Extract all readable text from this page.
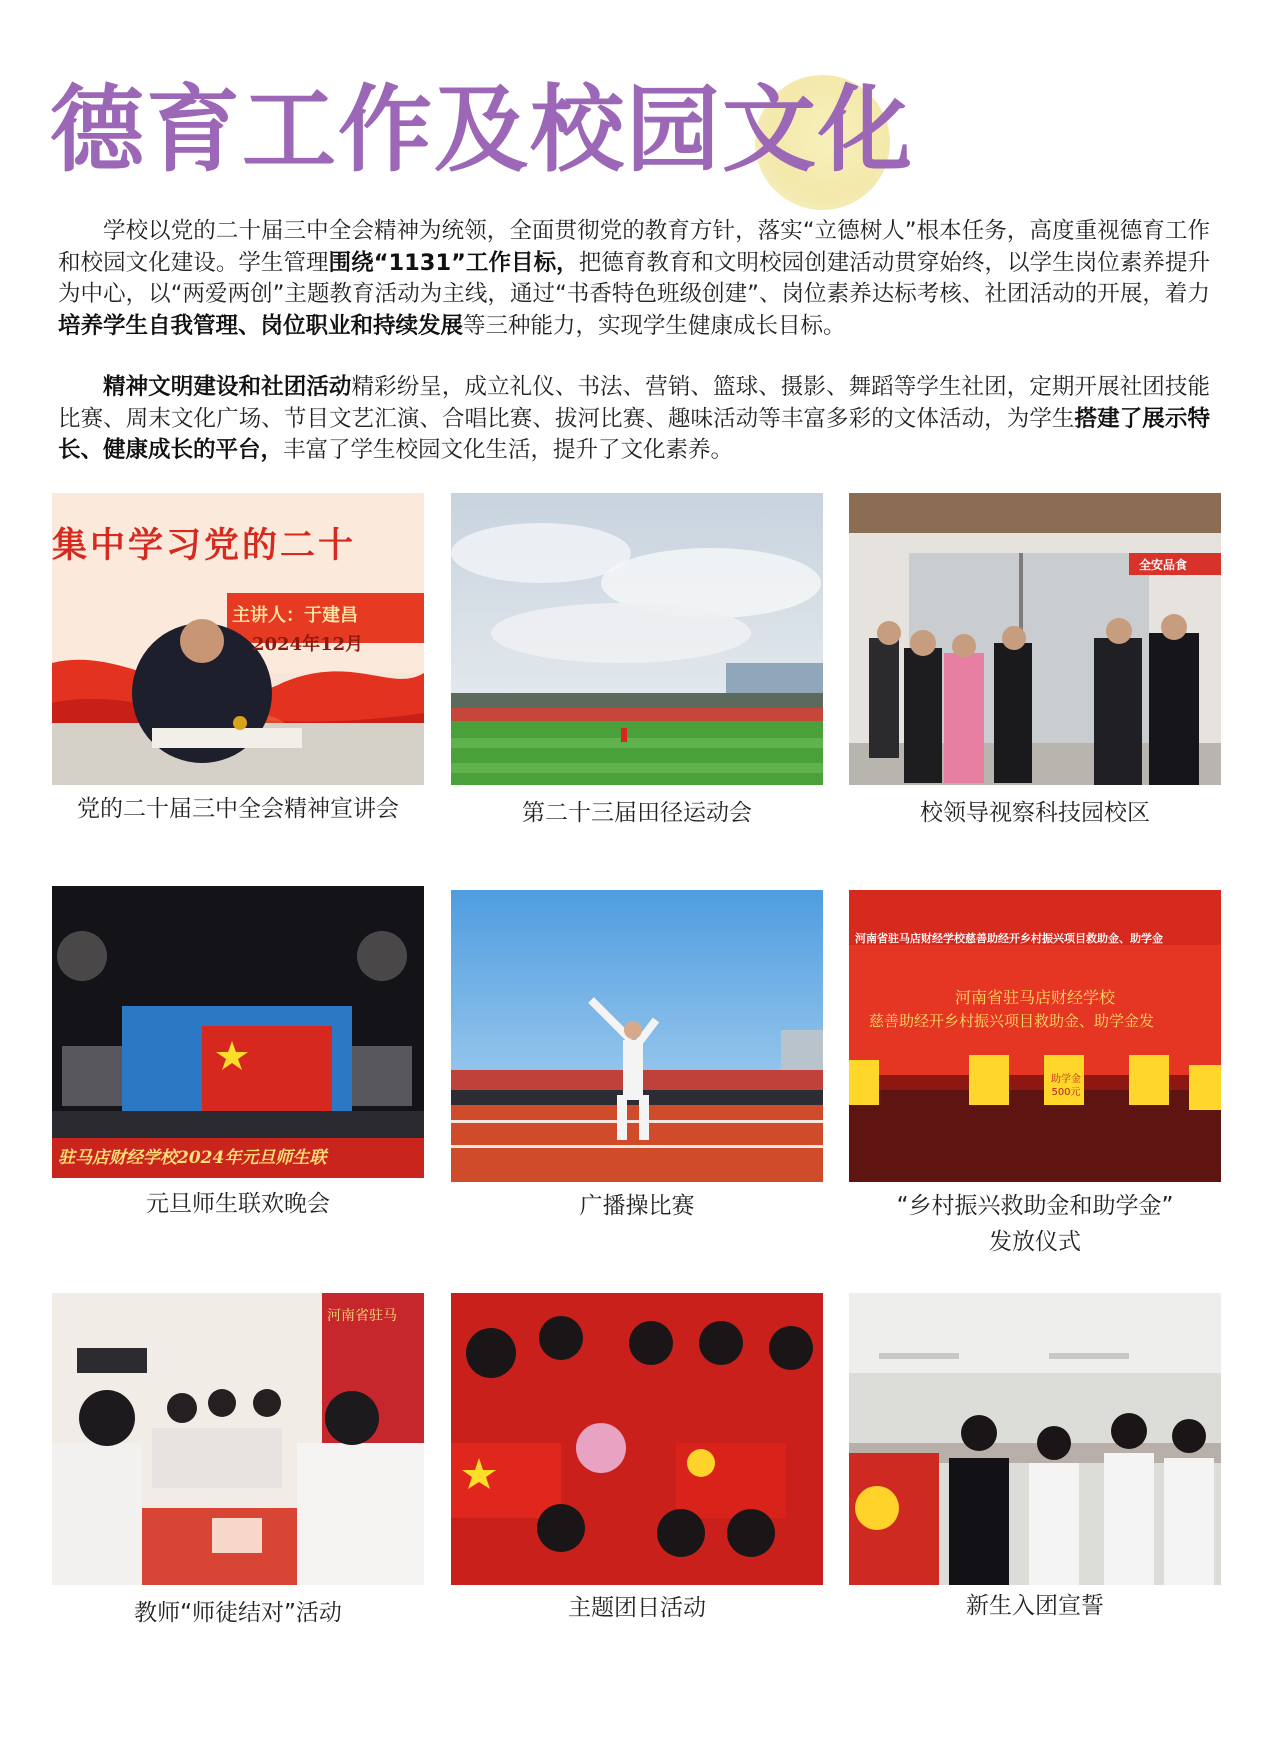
德育工作及校园文化

学校以党的二十届三中全会精神为统领，全面贯彻党的教育方针，落实“立德树人”根本任务，高度重视德育工作和校园文化建设。学生管理围绕“1131”工作目标，把德育教育和文明校园创建活动贯穿始终，以学生岗位素养提升为中心，以“两爱两创”主题教育活动为主线，通过“书香特色班级创建”、岗位素养达标考核、社团活动的开展，着力培养学生自我管理、岗位职业和持续发展等三种能力，实现学生健康成长目标。

精神文明建设和社团活动精彩纷呈，成立礼仪、书法、营销、篮球、摄影、舞蹈等学生社团，定期开展社团技能比赛、周末文化广场、节目文艺汇演、合唱比赛、拔河比赛、趣味活动等丰富多彩的文体活动，为学生搭建了展示特长、健康成长的平台，丰富了学生校园文化生活，提升了文化素养。

集中学习党的二十
主讲人：于建昌
2024年12月
党的二十届三中全会精神宣讲会	第二十三届田径运动会
全安品食
校领导视察科技园校区
驻马店财经学校2024年元旦师生联
元旦师生联欢晚会	广播操比赛
河南省驻马店财经学校慈善助经开乡村振兴项目救助金、助学金
河南省驻马店财经学校
慈善助经开乡村振兴项目救助金、助学金发
助学金
500元
“乡村振兴救助金和助学金”
发放仪式
河南省驻马
教师“师徒结对”活动	主题团日活动	新生入团宣誓
